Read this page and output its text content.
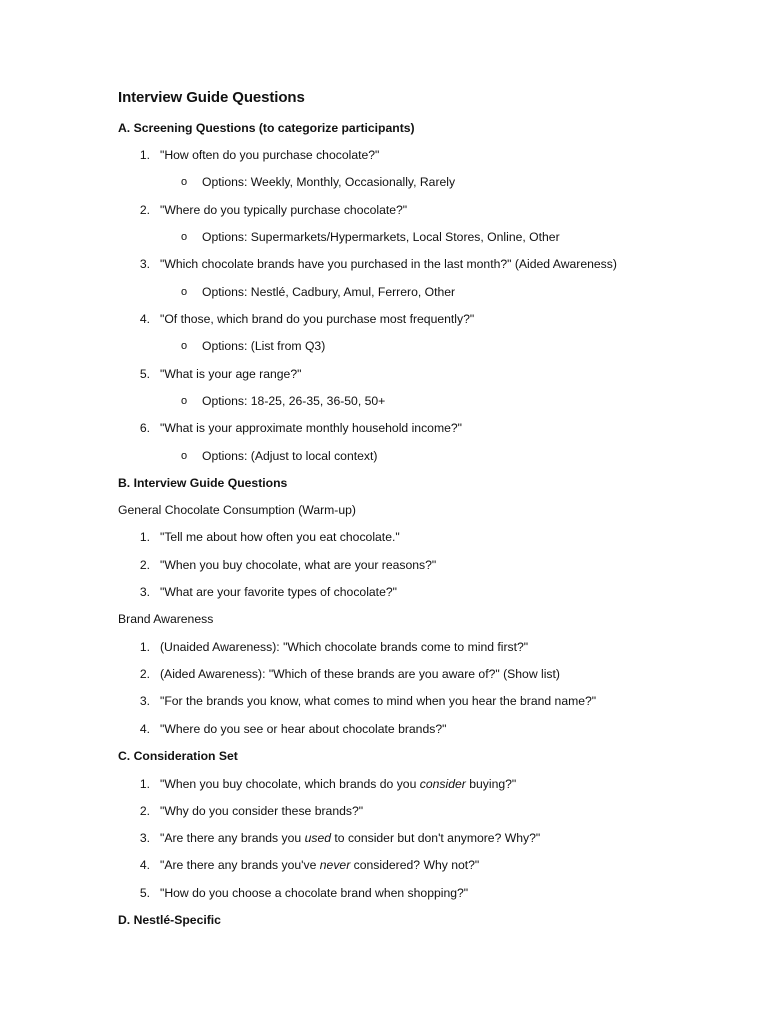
Interview Guide Questions
A. Screening Questions (to categorize participants)
1. "How often do you purchase chocolate?"
o Options: Weekly, Monthly, Occasionally, Rarely
2. "Where do you typically purchase chocolate?"
o Options: Supermarkets/Hypermarkets, Local Stores, Online, Other
3. "Which chocolate brands have you purchased in the last month?" (Aided Awareness)
o Options: Nestlé, Cadbury, Amul, Ferrero, Other
4. "Of those, which brand do you purchase most frequently?"
o Options: (List from Q3)
5. "What is your age range?"
o Options: 18-25, 26-35, 36-50, 50+
6. "What is your approximate monthly household income?"
o Options: (Adjust to local context)
B. Interview Guide Questions
General Chocolate Consumption (Warm-up)
1. "Tell me about how often you eat chocolate."
2. "When you buy chocolate, what are your reasons?"
3. "What are your favorite types of chocolate?"
Brand Awareness
1. (Unaided Awareness): "Which chocolate brands come to mind first?"
2. (Aided Awareness): "Which of these brands are you aware of?" (Show list)
3. "For the brands you know, what comes to mind when you hear the brand name?"
4. "Where do you see or hear about chocolate brands?"
C. Consideration Set
1. "When you buy chocolate, which brands do you consider buying?"
2. "Why do you consider these brands?"
3. "Are there any brands you used to consider but don't anymore? Why?"
4. "Are there any brands you've never considered? Why not?"
5. "How do you choose a chocolate brand when shopping?"
D. Nestlé-Specific
